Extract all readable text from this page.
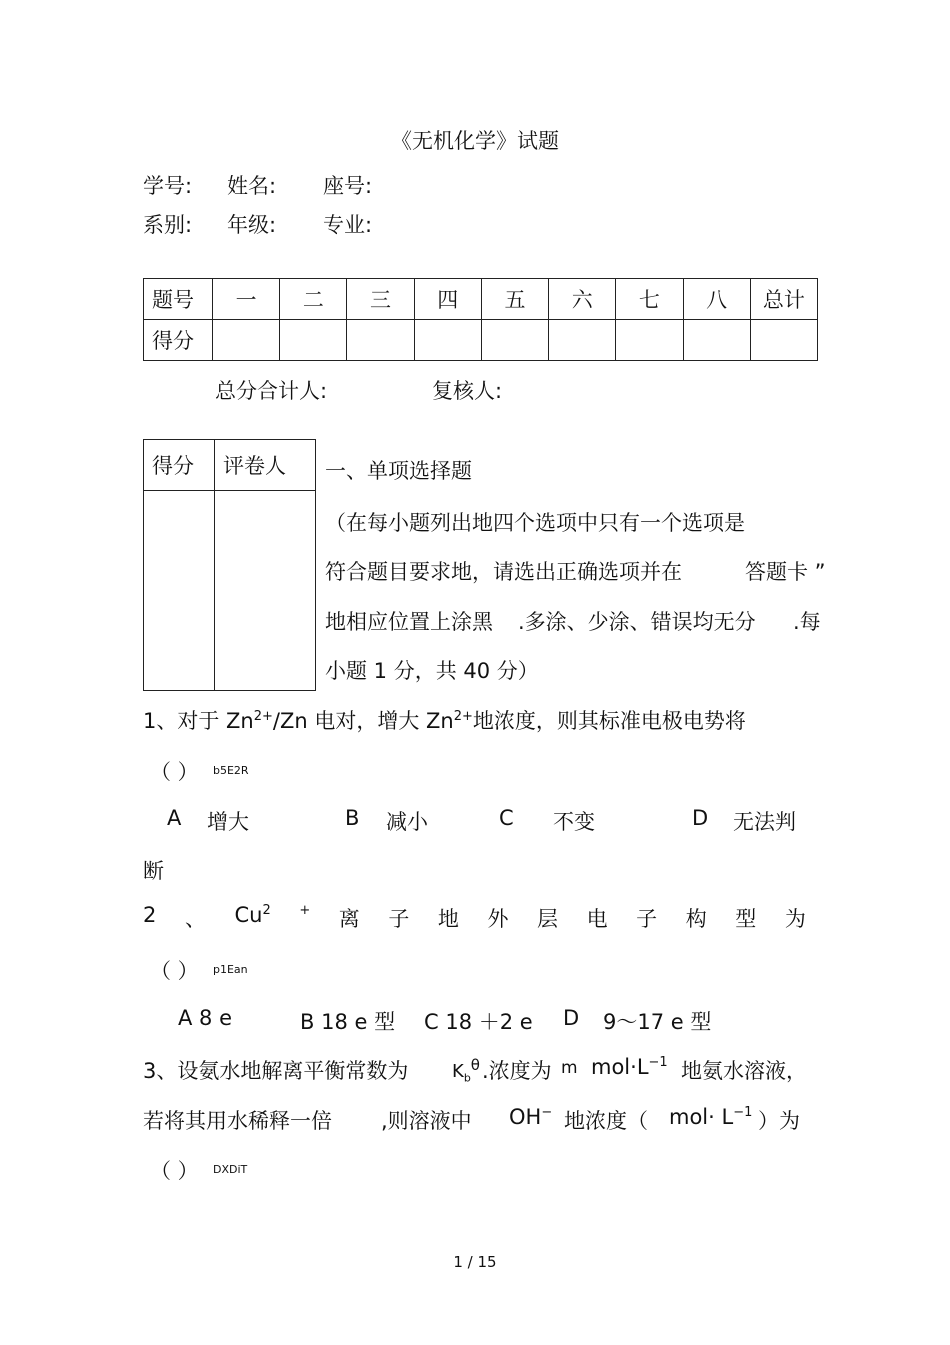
《无机化学》试题
学号: 姓名: 座号:
系别: 年级: 专业:
题号	一	二	三	四	五	六	七	八	总计
得分									
总分合计人:	复核人:
得分	评卷人
	一、单项选择题
（在每小题列出地四个选项中只有一个选项是
符合题目要求地，请选出正确选项并在	答题卡 ”
地相应位置上涂黑 .多涂、少涂、错误均无分 .每
小题 1 分，共 40 分）
1、对于 $Zn^{2+}/Zn$ 电对，增大 $Zn^{2+}$地浓度，则其标准电极电势将
（ ） b5E2R
A 增大	B 减小	C 不变	D 无法判
断
2 、 $Cu^2$ + 离 子 地 外 层 电 子 构 型 为
（ ） p1Ean
A 8 e	B 18 e 型 C 18 ＋2 e D 9～17 e 型
3、设氨水地解离平衡常数为 $K_b^\theta$ .浓度为 m $mol\cdot L^{-1}$ 地氨水溶液，
若将其用水稀释一倍 ,则溶液中 OH− 地浓度（ $mol\cdot L^{-1}$ ）为
（ ） DXDiT
1 / 15
